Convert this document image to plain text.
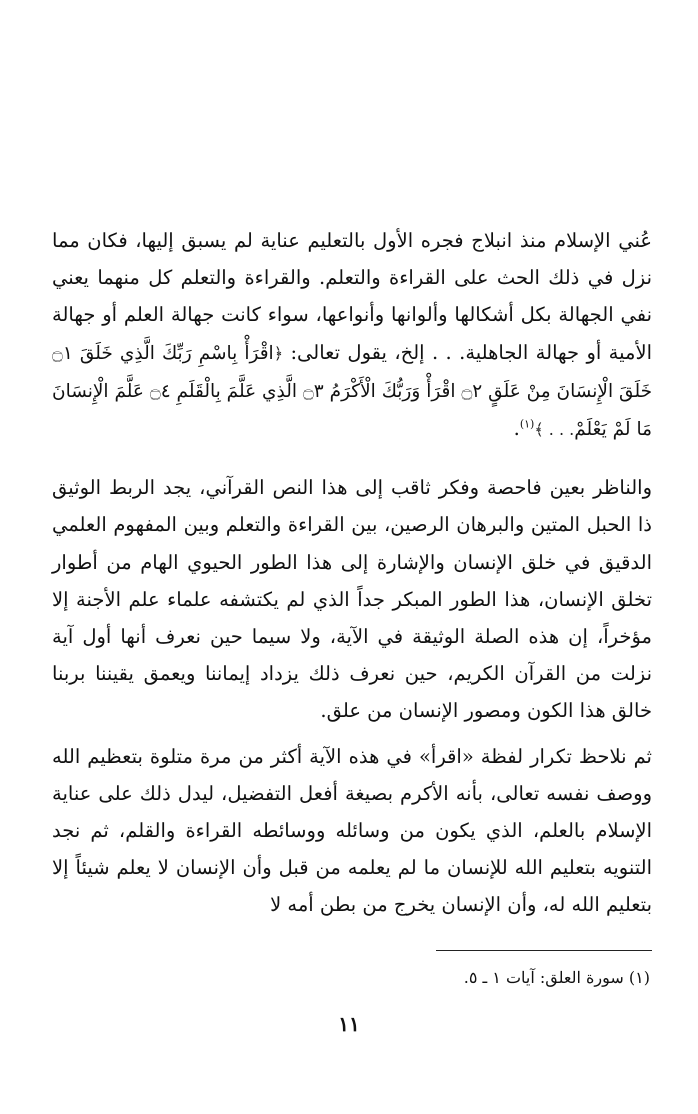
عُني الإسلام منذ انبلاج فجره الأول بالتعليم عناية لم يسبق إليها، فكان مما نزل في ذلك الحث على القراءة والتعلم. والقراءة والتعلم كل منهما يعني نفي الجهالة بكل أشكالها وألوانها وأنواعها، سواء كانت جهالة العلم أو جهالة الأمية أو جهالة الجاهلية. . . إلخ، يقول تعالى: ﴿اقْرَأْ بِاسْمِ رَبِّكَ الَّذِي خَلَقَ ۝١ خَلَقَ الْإِنسَانَ مِنْ عَلَقٍ ۝٢ اقْرَأْ وَرَبُّكَ الْأَكْرَمُ ۝٣ الَّذِي عَلَّمَ بِالْقَلَمِ ۝٤ عَلَّمَ الْإِنسَانَ مَا لَمْ يَعْلَمْ. . . ﴾$^{(١)}$.

والناظر بعين فاحصة وفكر ثاقب إلى هذا النص القرآني، يجد الربط الوثيق ذا الحبل المتين والبرهان الرصين، بين القراءة والتعلم وبين المفهوم العلمي الدقيق في خلق الإنسان والإشارة إلى هذا الطور الحيوي الهام من أطوار تخلق الإنسان، هذا الطور المبكر جداً الذي لم يكتشفه علماء علم الأجنة إلا مؤخراً، إن هذه الصلة الوثيقة في الآية، ولا سيما حين نعرف أنها أول آية نزلت من القرآن الكريم، حين نعرف ذلك يزداد إيماننا ويعمق يقيننا بربنا خالق هذا الكون ومصور الإنسان من علق.

ثم نلاحظ تكرار لفظة «اقرأ» في هذه الآية أكثر من مرة متلوة بتعظيم الله ووصف نفسه تعالى، بأنه الأكرم بصيغة أفعل التفضيل، ليدل ذلك على عناية الإسلام بالعلم، الذي يكون من وسائله ووسائطه القراءة والقلم، ثم نجد التنويه بتعليم الله للإنسان ما لم يعلمه من قبل وأن الإنسان لا يعلم شيئاً إلا بتعليم الله له، وأن الإنسان يخرج من بطن أمه لا

(١) سورة العلق: آيات ١ ـ ٥.
١١
